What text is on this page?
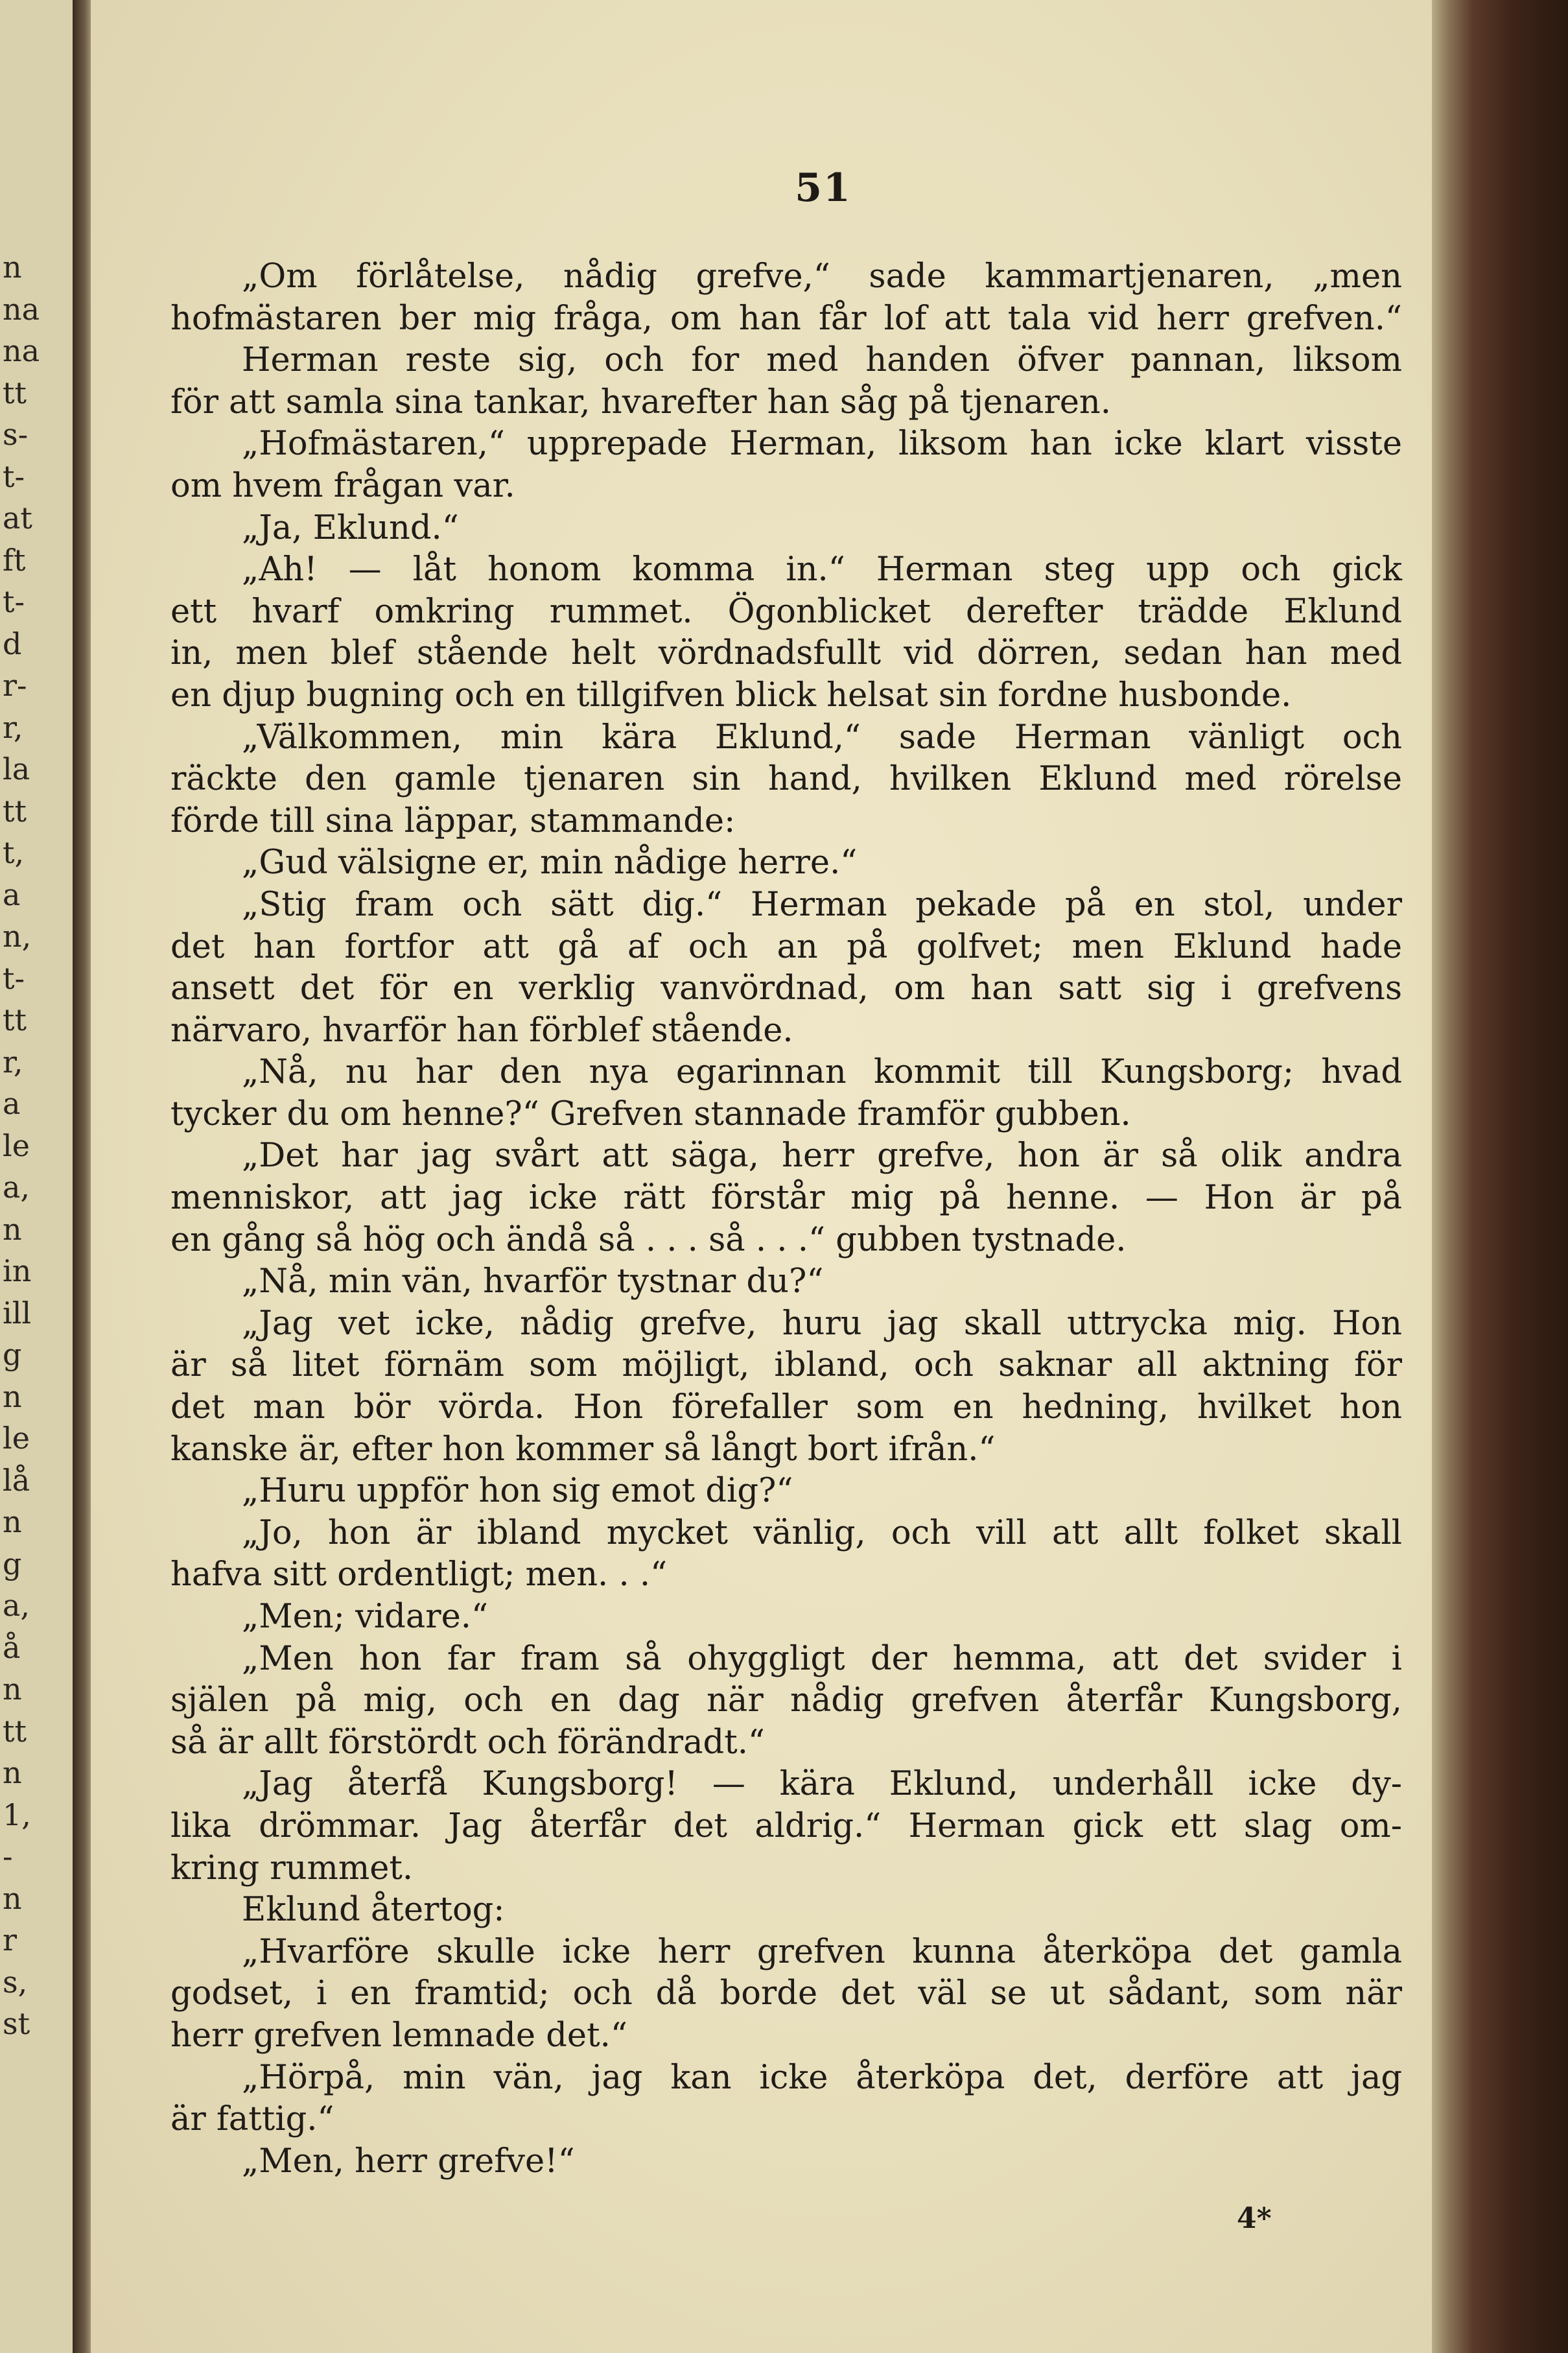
n
na
na
tt
s-
t-
at
ft
t-
d
r-
r,
la
tt
t,
a
n,
t-
tt
r,
a
le
a,
n
in
ill
g
n
le
lå
n
g
a,
å
n
tt
n
1,
-
n
r
s,
st
51
„Om förlåtelse, nådig grefve,“ sade kammartjenaren, „men
hofmästaren ber mig fråga, om han får lof att tala vid herr grefven.“
Herman reste sig, och for med handen öfver pannan, liksom
för att samla sina tankar, hvarefter han såg på tjenaren.
„Hofmästaren,“ upprepade Herman, liksom han icke klart visste
om hvem frågan var.
„Ja, Eklund.“
„Ah! — låt honom komma in.“ Herman steg upp och gick
ett hvarf omkring rummet. Ögonblicket derefter trädde Eklund
in, men blef stående helt vördnadsfullt vid dörren, sedan han med
en djup bugning och en tillgifven blick helsat sin fordne husbonde.
„Välkommen, min kära Eklund,“ sade Herman vänligt och
räckte den gamle tjenaren sin hand, hvilken Eklund med rörelse
förde till sina läppar, stammande:
„Gud välsigne er, min nådige herre.“
„Stig fram och sätt dig.“ Herman pekade på en stol, under
det han fortfor att gå af och an på golfvet; men Eklund hade
ansett det för en verklig vanvördnad, om han satt sig i grefvens
närvaro, hvarför han förblef stående.
„Nå, nu har den nya egarinnan kommit till Kungsborg; hvad
tycker du om henne?“ Grefven stannade framför gubben.
„Det har jag svårt att säga, herr grefve, hon är så olik andra
menniskor, att jag icke rätt förstår mig på henne. — Hon är på
en gång så hög och ändå så . . . så . . .“ gubben tystnade.
„Nå, min vän, hvarför tystnar du?“
„Jag vet icke, nådig grefve, huru jag skall uttrycka mig. Hon
är så litet förnäm som möjligt, ibland, och saknar all aktning för
det man bör vörda. Hon förefaller som en hedning, hvilket hon
kanske är, efter hon kommer så långt bort ifrån.“
„Huru uppför hon sig emot dig?“
„Jo, hon är ibland mycket vänlig, och vill att allt folket skall
hafva sitt ordentligt; men. . .“
„Men; vidare.“
„Men hon far fram så ohyggligt der hemma, att det svider i
själen på mig, och en dag när nådig grefven återfår Kungsborg,
så är allt förstördt och förändradt.“
„Jag återfå Kungsborg! — kära Eklund, underhåll icke dy-
lika drömmar. Jag återfår det aldrig.“ Herman gick ett slag om-
kring rummet.
Eklund återtog:
„Hvarföre skulle icke herr grefven kunna återköpa det gamla
godset, i en framtid; och då borde det väl se ut sådant, som när
herr grefven lemnade det.“
„Hörpå, min vän, jag kan icke återköpa det, derföre att jag
är fattig.“
„Men, herr grefve!“
4*
